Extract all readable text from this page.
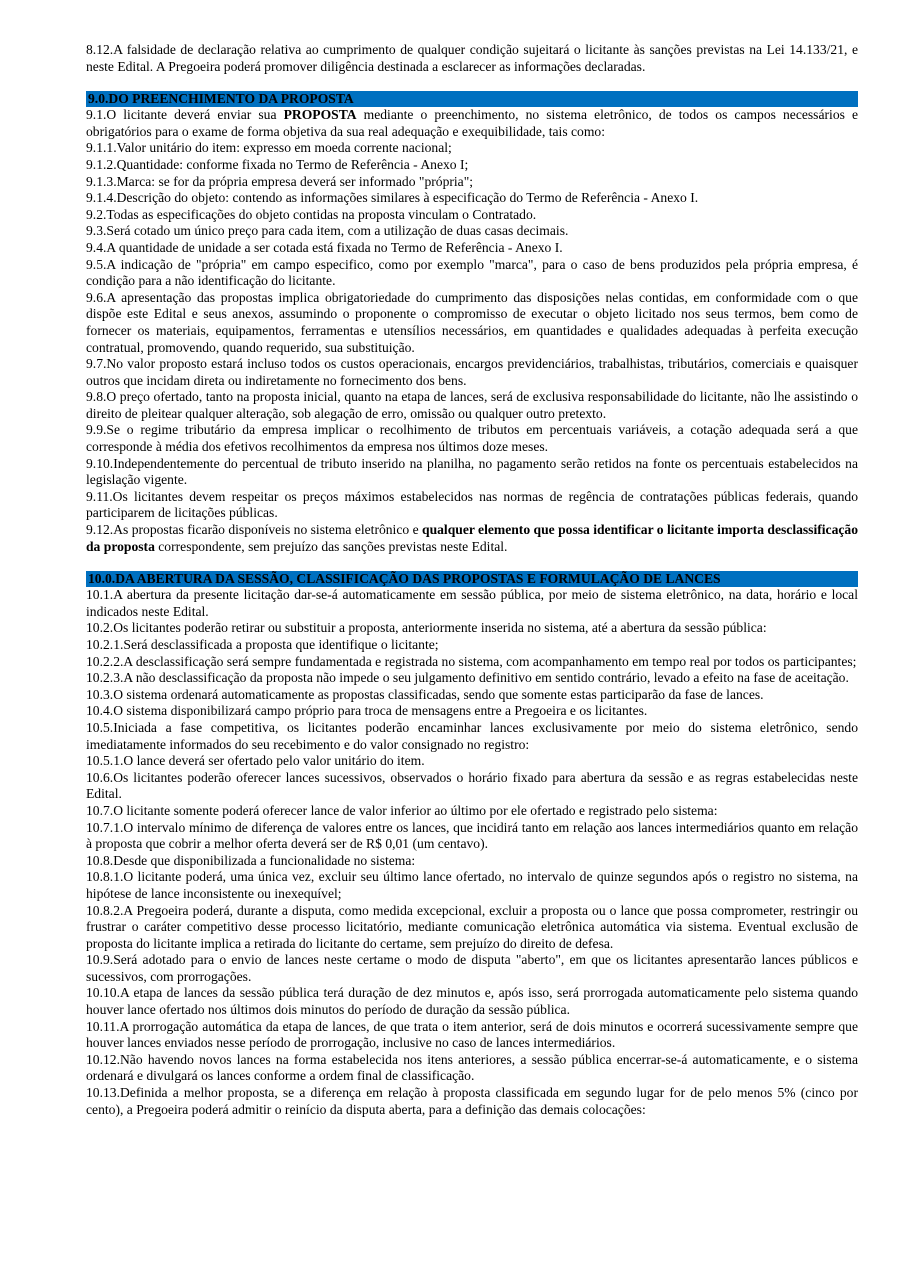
8.12.A falsidade de declaração relativa ao cumprimento de qualquer condição sujeitará o licitante às sanções previstas na Lei 14.133/21, e neste Edital. A Pregoeira poderá promover diligência destinada a esclarecer as informações declaradas.

9.0.DO PREENCHIMENTO DA PROPOSTA

9.1.O licitante deverá enviar sua PROPOSTA mediante o preenchimento, no sistema eletrônico, de todos os campos necessários e obrigatórios para o exame de forma objetiva da sua real adequação e exequibilidade, tais como:

9.1.1.Valor unitário do item: expresso em moeda corrente nacional;

9.1.2.Quantidade: conforme fixada no Termo de Referência - Anexo I;

9.1.3.Marca: se for da própria empresa deverá ser informado "própria";

9.1.4.Descrição do objeto: contendo as informações similares à especificação do Termo de Referência - Anexo I.

9.2.Todas as especificações do objeto contidas na proposta vinculam o Contratado.

9.3.Será cotado um único preço para cada item, com a utilização de duas casas decimais.

9.4.A quantidade de unidade a ser cotada está fixada no Termo de Referência - Anexo I.

9.5.A indicação de "própria" em campo especifico, como por exemplo "marca", para o caso de bens produzidos pela própria empresa, é condição para a não identificação do licitante.

9.6.A apresentação das propostas implica obrigatoriedade do cumprimento das disposições nelas contidas, em conformidade com o que dispõe este Edital e seus anexos, assumindo o proponente o compromisso de executar o objeto licitado nos seus termos, bem como de fornecer os materiais, equipamentos, ferramentas e utensílios necessários, em quantidades e qualidades adequadas à perfeita execução contratual, promovendo, quando requerido, sua substituição.

9.7.No valor proposto estará incluso todos os custos operacionais, encargos previdenciários, trabalhistas, tributários, comerciais e quaisquer outros que incidam direta ou indiretamente no fornecimento dos bens.

9.8.O preço ofertado, tanto na proposta inicial, quanto na etapa de lances, será de exclusiva responsabilidade do licitante, não lhe assistindo o direito de pleitear qualquer alteração, sob alegação de erro, omissão ou qualquer outro pretexto.

9.9.Se o regime tributário da empresa implicar o recolhimento de tributos em percentuais variáveis, a cotação adequada será a que corresponde à média dos efetivos recolhimentos da empresa nos últimos doze meses.

9.10.Independentemente do percentual de tributo inserido na planilha, no pagamento serão retidos na fonte os percentuais estabelecidos na legislação vigente.

9.11.Os licitantes devem respeitar os preços máximos estabelecidos nas normas de regência de contratações públicas federais, quando participarem de licitações públicas.

9.12.As propostas ficarão disponíveis no sistema eletrônico e qualquer elemento que possa identificar o licitante importa desclassificação da proposta correspondente, sem prejuízo das sanções previstas neste Edital.

10.0.DA ABERTURA DA SESSÃO, CLASSIFICAÇÃO DAS PROPOSTAS E FORMULAÇÃO DE LANCES

10.1.A abertura da presente licitação dar-se-á automaticamente em sessão pública, por meio de sistema eletrônico, na data, horário e local indicados neste Edital.

10.2.Os licitantes poderão retirar ou substituir a proposta, anteriormente inserida no sistema, até a abertura da sessão pública:

10.2.1.Será desclassificada a proposta que identifique o licitante;

10.2.2.A desclassificação será sempre fundamentada e registrada no sistema, com acompanhamento em tempo real por todos os participantes;

10.2.3.A não desclassificação da proposta não impede o seu julgamento definitivo em sentido contrário, levado a efeito na fase de aceitação.

10.3.O sistema ordenará automaticamente as propostas classificadas, sendo que somente estas participarão da fase de lances.

10.4.O sistema disponibilizará campo próprio para troca de mensagens entre a Pregoeira e os licitantes.

10.5.Iniciada a fase competitiva, os licitantes poderão encaminhar lances exclusivamente por meio do sistema eletrônico, sendo imediatamente informados do seu recebimento e do valor consignado no registro:

10.5.1.O lance deverá ser ofertado pelo valor unitário do item.

10.6.Os licitantes poderão oferecer lances sucessivos, observados o horário fixado para abertura da sessão e as regras estabelecidas neste Edital.

10.7.O licitante somente poderá oferecer lance de valor inferior ao último por ele ofertado e registrado pelo sistema:

10.7.1.O intervalo mínimo de diferença de valores entre os lances, que incidirá tanto em relação aos lances intermediários quanto em relação à proposta que cobrir a melhor oferta deverá ser de R$ 0,01 (um centavo).

10.8.Desde que disponibilizada a funcionalidade no sistema:

10.8.1.O licitante poderá, uma única vez, excluir seu último lance ofertado, no intervalo de quinze segundos após o registro no sistema, na hipótese de lance inconsistente ou inexequível;

10.8.2.A Pregoeira poderá, durante a disputa, como medida excepcional, excluir a proposta ou o lance que possa comprometer, restringir ou frustrar o caráter competitivo desse processo licitatório, mediante comunicação eletrônica automática via sistema. Eventual exclusão de proposta do licitante implica a retirada do licitante do certame, sem prejuízo do direito de defesa.

10.9.Será adotado para o envio de lances neste certame o modo de disputa "aberto", em que os licitantes apresentarão lances públicos e sucessivos, com prorrogações.

10.10.A etapa de lances da sessão pública terá duração de dez minutos e, após isso, será prorrogada automaticamente pelo sistema quando houver lance ofertado nos últimos dois minutos do período de duração da sessão pública.

10.11.A prorrogação automática da etapa de lances, de que trata o item anterior, será de dois minutos e ocorrerá sucessivamente sempre que houver lances enviados nesse período de prorrogação, inclusive no caso de lances intermediários.

10.12.Não havendo novos lances na forma estabelecida nos itens anteriores, a sessão pública encerrar-se-á automaticamente, e o sistema ordenará e divulgará os lances conforme a ordem final de classificação.

10.13.Definida a melhor proposta, se a diferença em relação à proposta classificada em segundo lugar for de pelo menos 5% (cinco por cento), a Pregoeira poderá admitir o reinício da disputa aberta, para a definição das demais colocações:
